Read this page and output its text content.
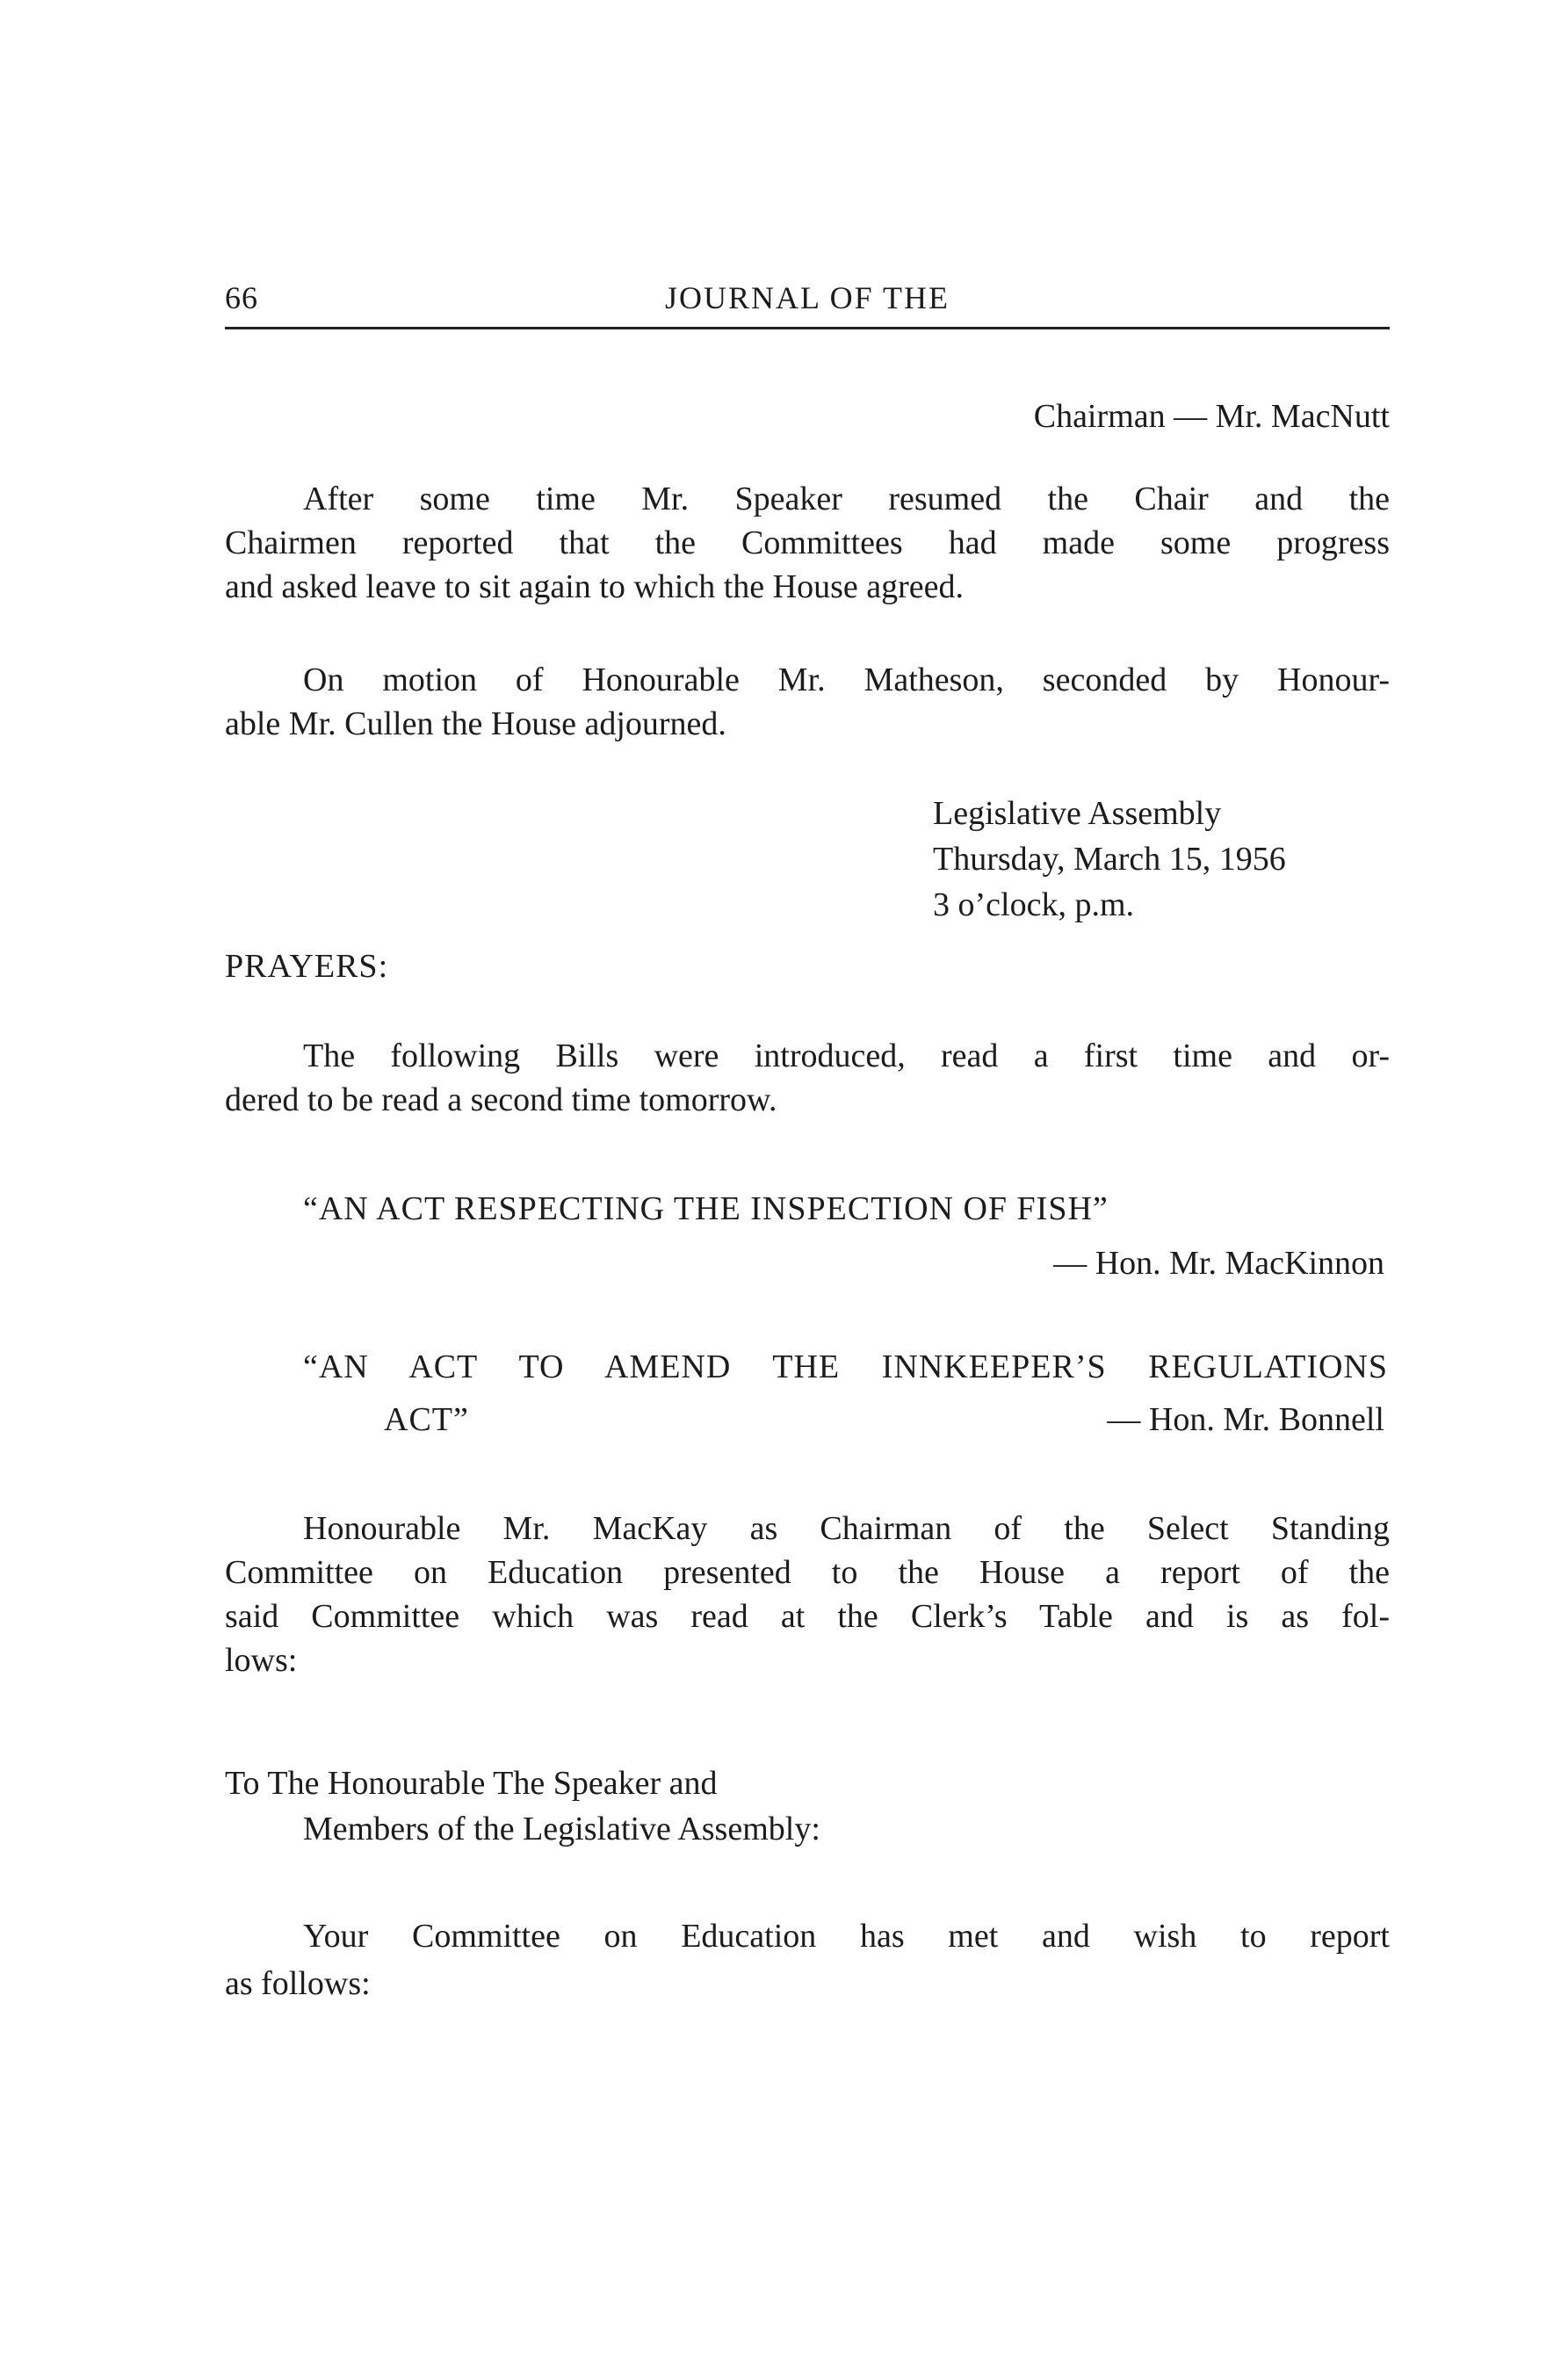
66	JOURNAL OF THE
Chairman — Mr. MacNutt
After some time Mr. Speaker resumed the Chair and the
Chairmen reported that the Committees had made some progress
and asked leave to sit again to which the House agreed.
On motion of Honourable Mr. Matheson, seconded by Honour-
able Mr. Cullen the House adjourned.
Legislative Assembly
Thursday, March 15, 1956
3 o’clock, p.m.
PRAYERS:
The following Bills were introduced, read a first time and or-
dered to be read a second time tomorrow.
“AN ACT RESPECTING THE INSPECTION OF FISH”
— Hon. Mr. MacKinnon
“AN ACT TO AMEND THE INNKEEPER’S REGULATIONS
ACT”	— Hon. Mr. Bonnell
Honourable Mr. MacKay as Chairman of the Select Standing
Committee on Education presented to the House a report of the
said Committee which was read at the Clerk’s Table and is as fol-
lows:
To The Honourable The Speaker and
Members of the Legislative Assembly:
Your Committee on Education has met and wish to report
as follows:
